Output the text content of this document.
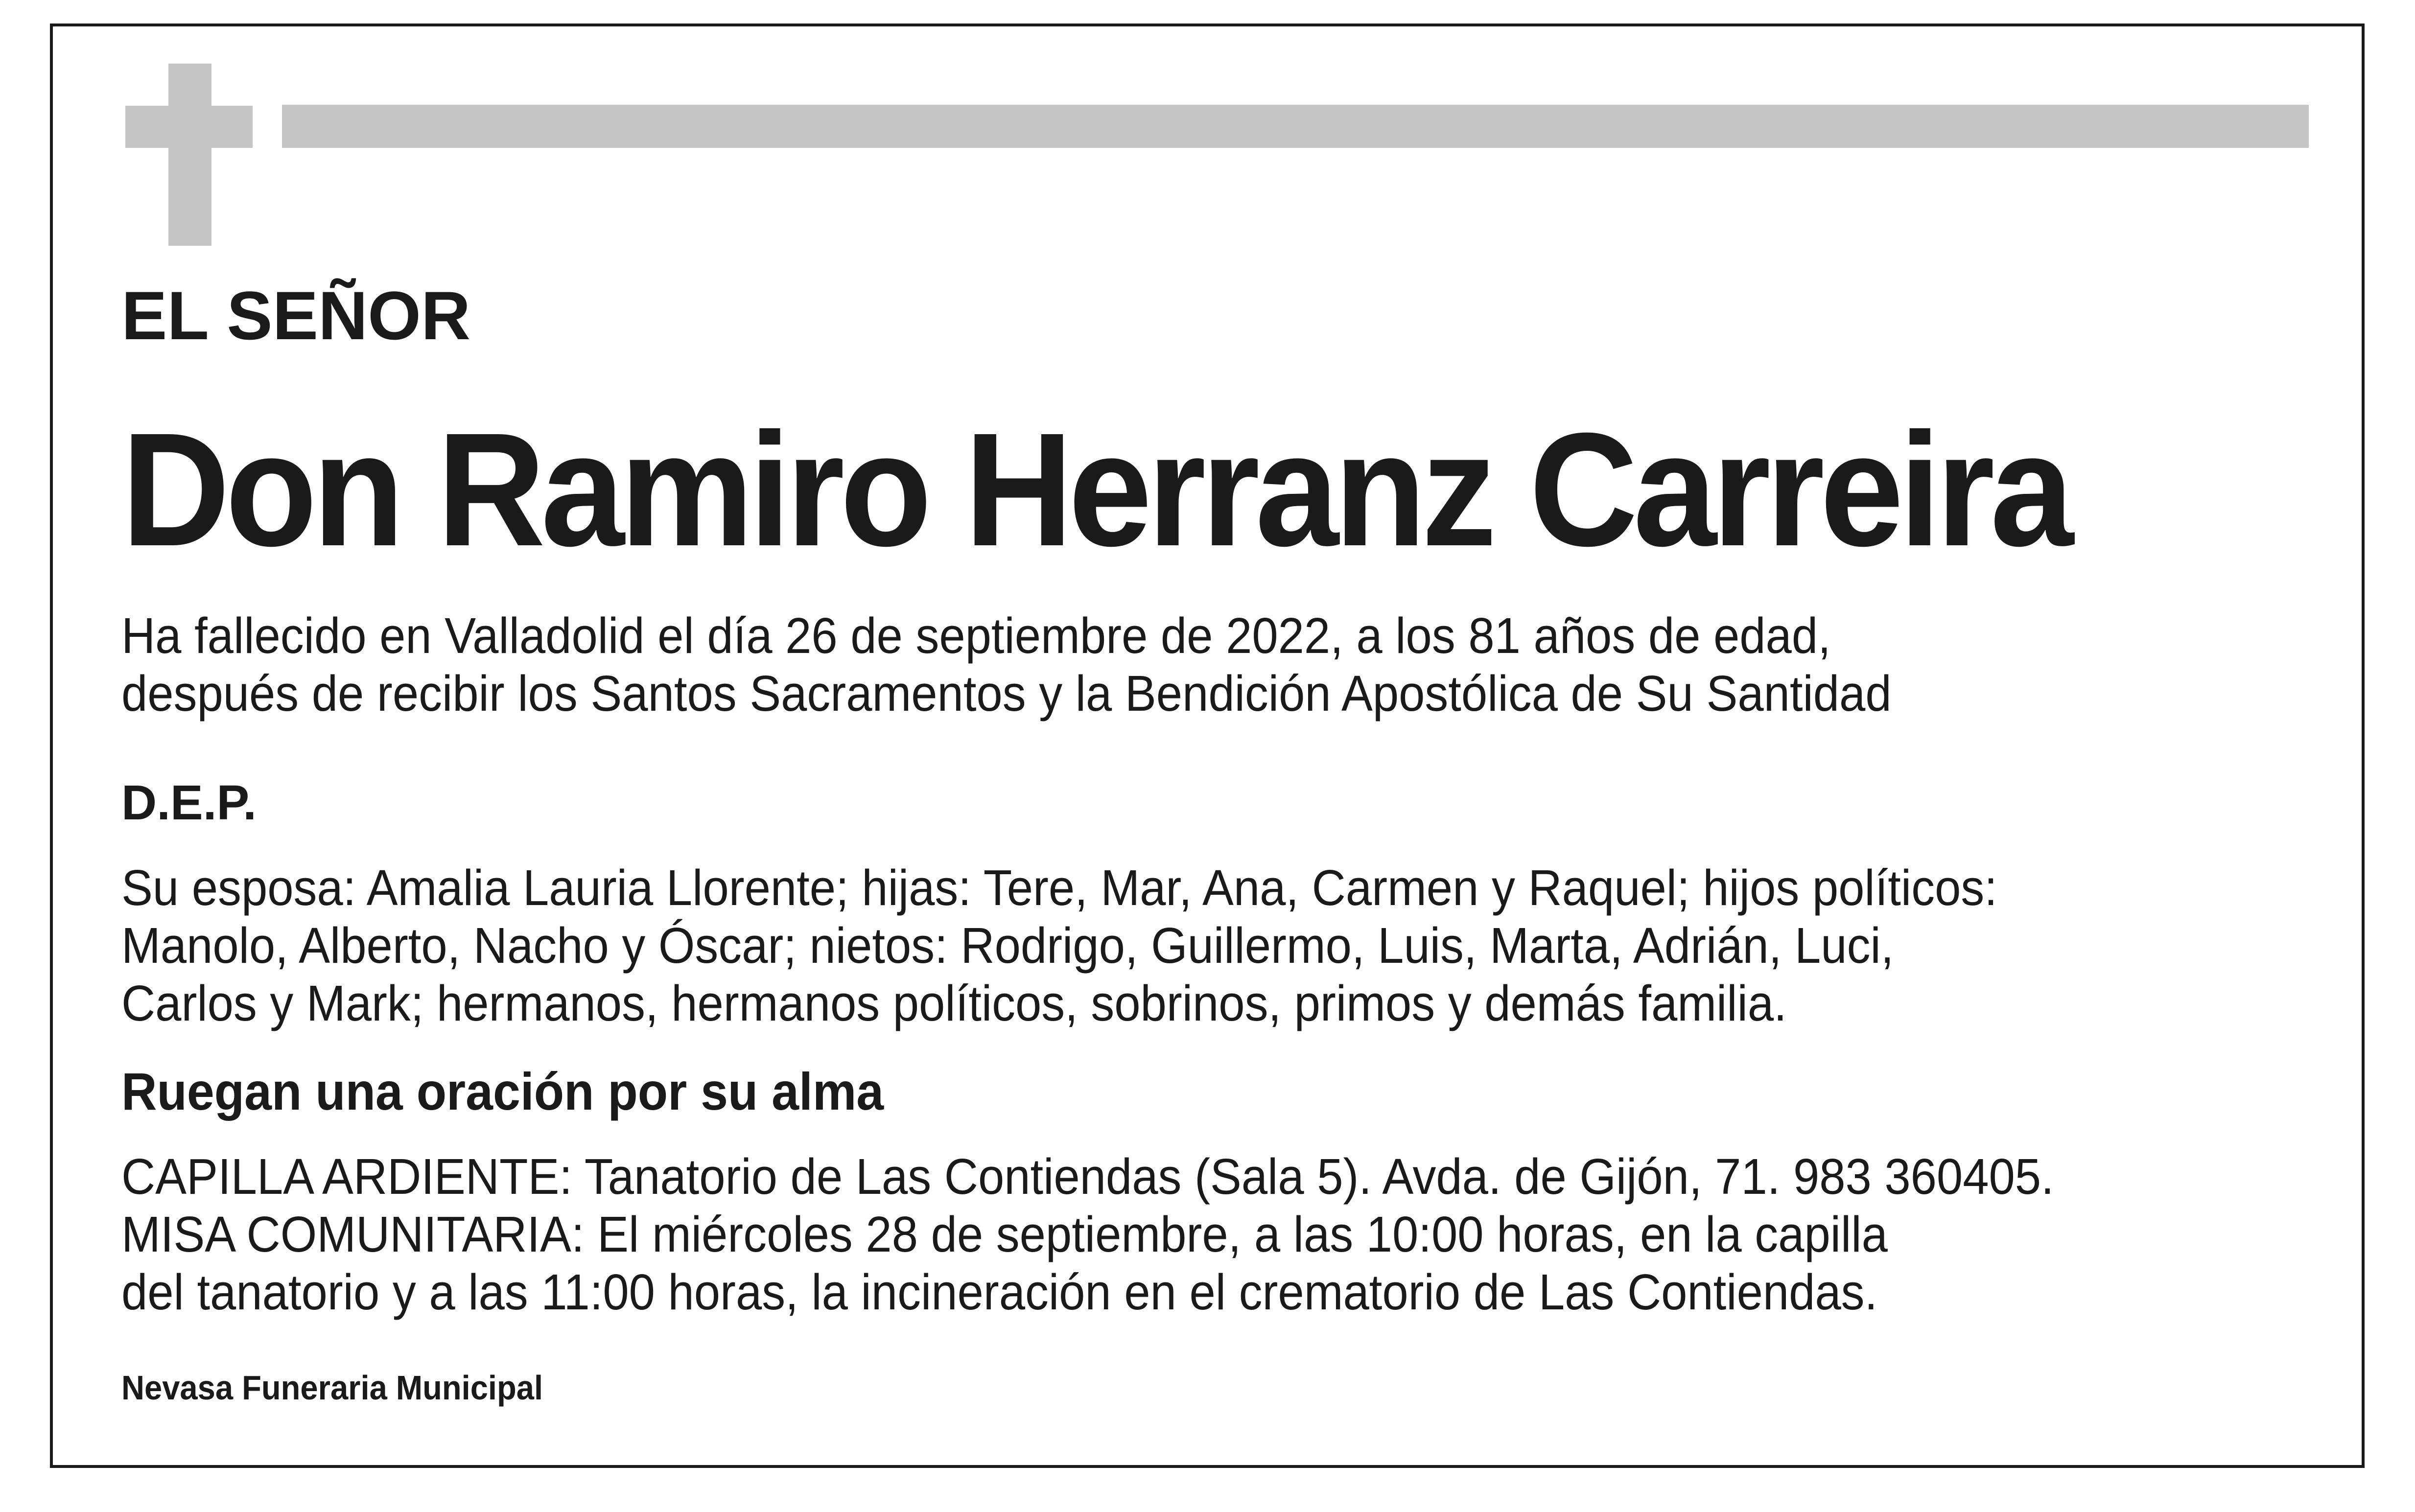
EL SEÑOR

Don Ramiro Herranz Carreira

Ha fallecido en Valladolid el día 26 de septiembre de 2022, a los 81 años de edad,

después de recibir los Santos Sacramentos y la Bendición Apostólica de Su Santidad

D.E.P.

Su esposa: Amalia Lauria Llorente; hijas: Tere, Mar, Ana, Carmen y Raquel; hijos políticos:

Manolo, Alberto, Nacho y Óscar; nietos: Rodrigo, Guillermo, Luis, Marta, Adrián, Luci,

Carlos y Mark; hermanos, hermanos políticos, sobrinos, primos y demás familia.

Ruegan una oración por su alma

CAPILLA ARDIENTE: Tanatorio de Las Contiendas (Sala 5). Avda. de Gijón, 71. 983 360405.

MISA COMUNITARIA: El miércoles 28 de septiembre, a las 10:00 horas, en la capilla

del tanatorio y a las 11:00 horas, la incineración en el crematorio de Las Contiendas.

Nevasa Funeraria Municipal
